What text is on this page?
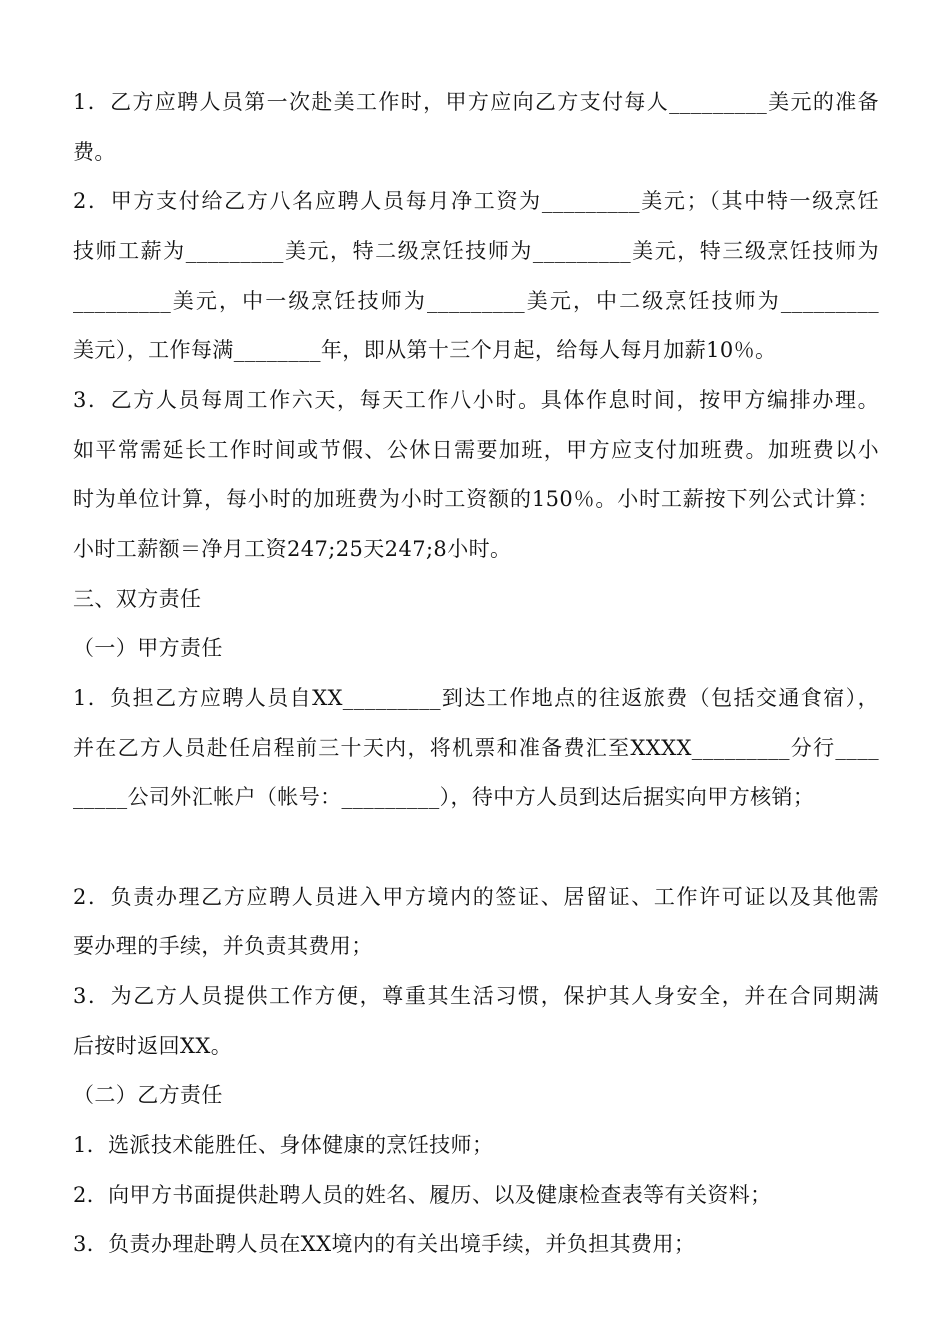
1．乙方应聘人员第一次赴美工作时，甲方应向乙方支付每人_________美元的准备
费。
2．甲方支付给乙方八名应聘人员每月净工资为_________美元；（其中特一级烹饪
技师工薪为_________美元，特二级烹饪技师为_________美元，特三级烹饪技师为
_________美元，中一级烹饪技师为_________美元，中二级烹饪技师为_________
美元），工作每满________年，即从第十三个月起，给每人每月加薪10％。
3．乙方人员每周工作六天，每天工作八小时。具体作息时间，按甲方编排办理。
如平常需延长工作时间或节假、公休日需要加班，甲方应支付加班费。加班费以小
时为单位计算，每小时的加班费为小时工资额的150％。小时工薪按下列公式计算：
小时工薪额＝净月工资247;25天247;8小时。
三、双方责任
（一）甲方责任
1．负担乙方应聘人员自XX_________到达工作地点的往返旅费（包括交通食宿），
并在乙方人员赴任启程前三十天内，将机票和准备费汇至XXXX_________分行____
_____公司外汇帐户（帐号：_________），待中方人员到达后据实向甲方核销；
2．负责办理乙方应聘人员进入甲方境内的签证、居留证、工作许可证以及其他需
要办理的手续，并负责其费用；
3．为乙方人员提供工作方便，尊重其生活习惯，保护其人身安全，并在合同期满
后按时返回XX。
（二）乙方责任
1．选派技术能胜任、身体健康的烹饪技师；
2．向甲方书面提供赴聘人员的姓名、履历、以及健康检查表等有关资料；
3．负责办理赴聘人员在XX境内的有关出境手续，并负担其费用；
